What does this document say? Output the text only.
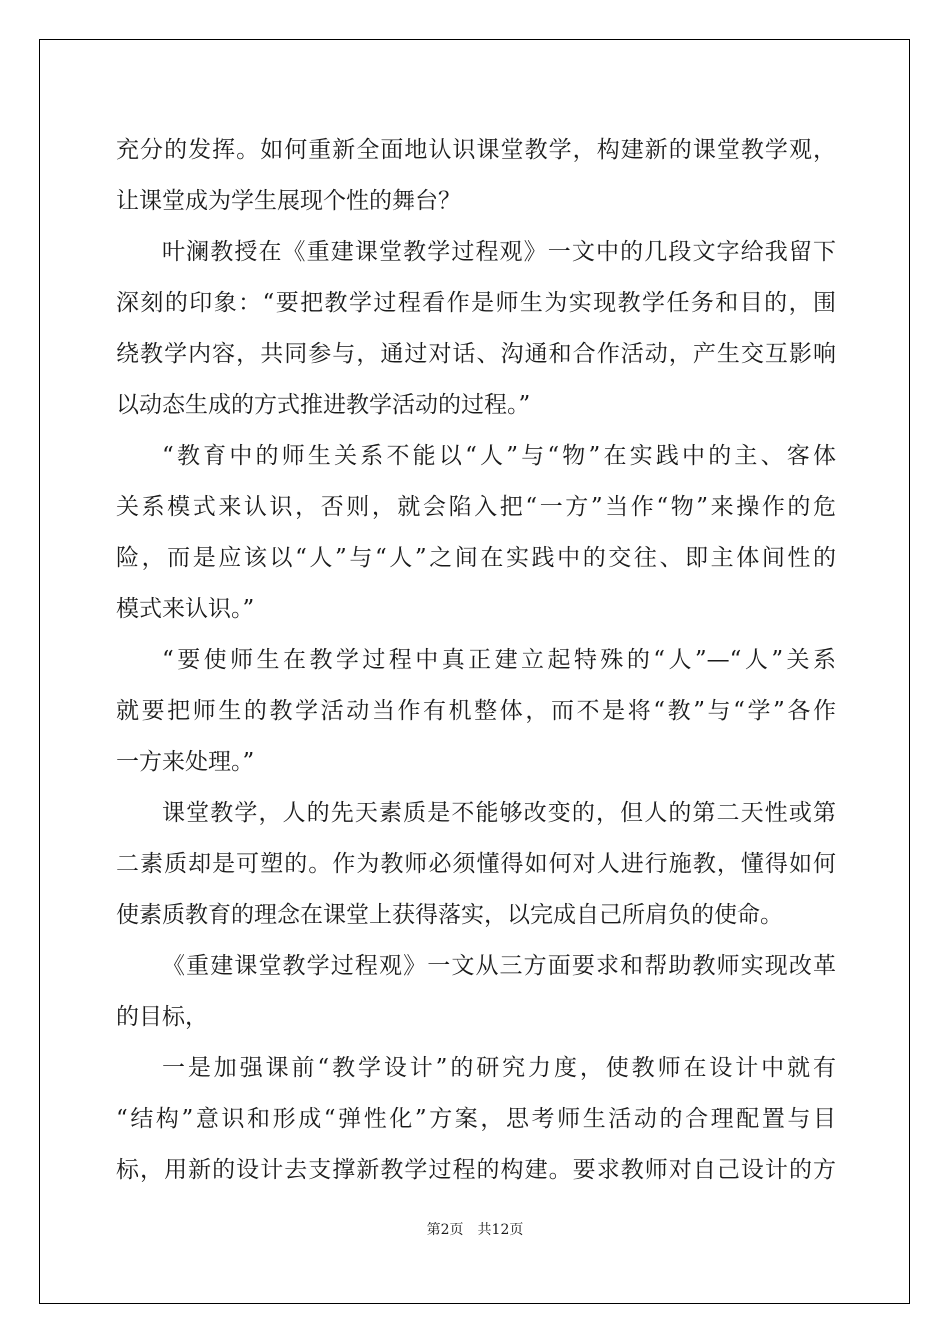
充分的发挥。如何重新全面地认识课堂教学，构建新的课堂教学观，
让课堂成为学生展现个性的舞台？
叶澜教授在《重建课堂教学过程观》一文中的几段文字给我留下
深刻的印象：“要把教学过程看作是师生为实现教学任务和目的，围
绕教学内容，共同参与，通过对话、沟通和合作活动，产生交互影响
以动态生成的方式推进教学活动的过程。”
“教育中的师生关系不能以“人”与“物”在实践中的主、客体
关系模式来认识，否则，就会陷入把“一方”当作“物”来操作的危
险，而是应该以“人”与“人”之间在实践中的交往、即主体间性的
模式来认识。”
“要使师生在教学过程中真正建立起特殊的“人”—“人”关系
就要把师生的教学活动当作有机整体，而不是将“教”与“学”各作
一方来处理。”
课堂教学，人的先天素质是不能够改变的，但人的第二天性或第
二素质却是可塑的。作为教师必须懂得如何对人进行施教，懂得如何
使素质教育的理念在课堂上获得落实，以完成自己所肩负的使命。
《重建课堂教学过程观》一文从三方面要求和帮助教师实现改革
的目标，
一是加强课前“教学设计”的研究力度，使教师在设计中就有
“结构”意识和形成“弹性化”方案，思考师生活动的合理配置与目
标，用新的设计去支撑新教学过程的构建。要求教师对自己设计的方
第2页 共12页
